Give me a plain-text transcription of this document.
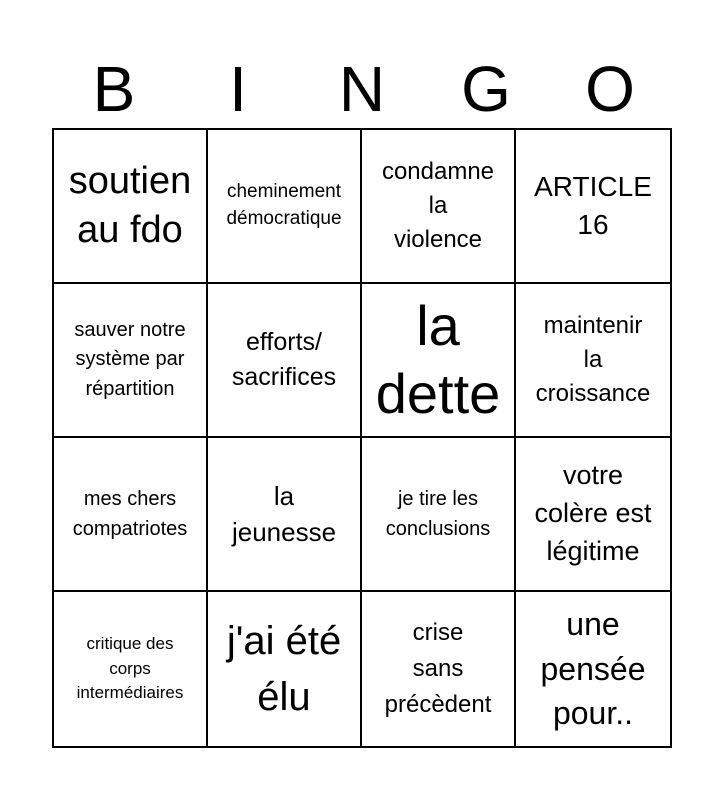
B	I	N	G	O
soutien
au fdo
cheminement
démocratique
condamne
la
violence
ARTICLE
16
sauver notre
système par
répartition
efforts/
sacrifices
la
dette
maintenir
la
croissance
mes chers
compatriotes
la
jeunesse
je tire les
conclusions
votre
colère est
légitime
critique des
corps
intermédiaires
j'ai été
élu
crise
sans
précèdent
une
pensée
pour..
